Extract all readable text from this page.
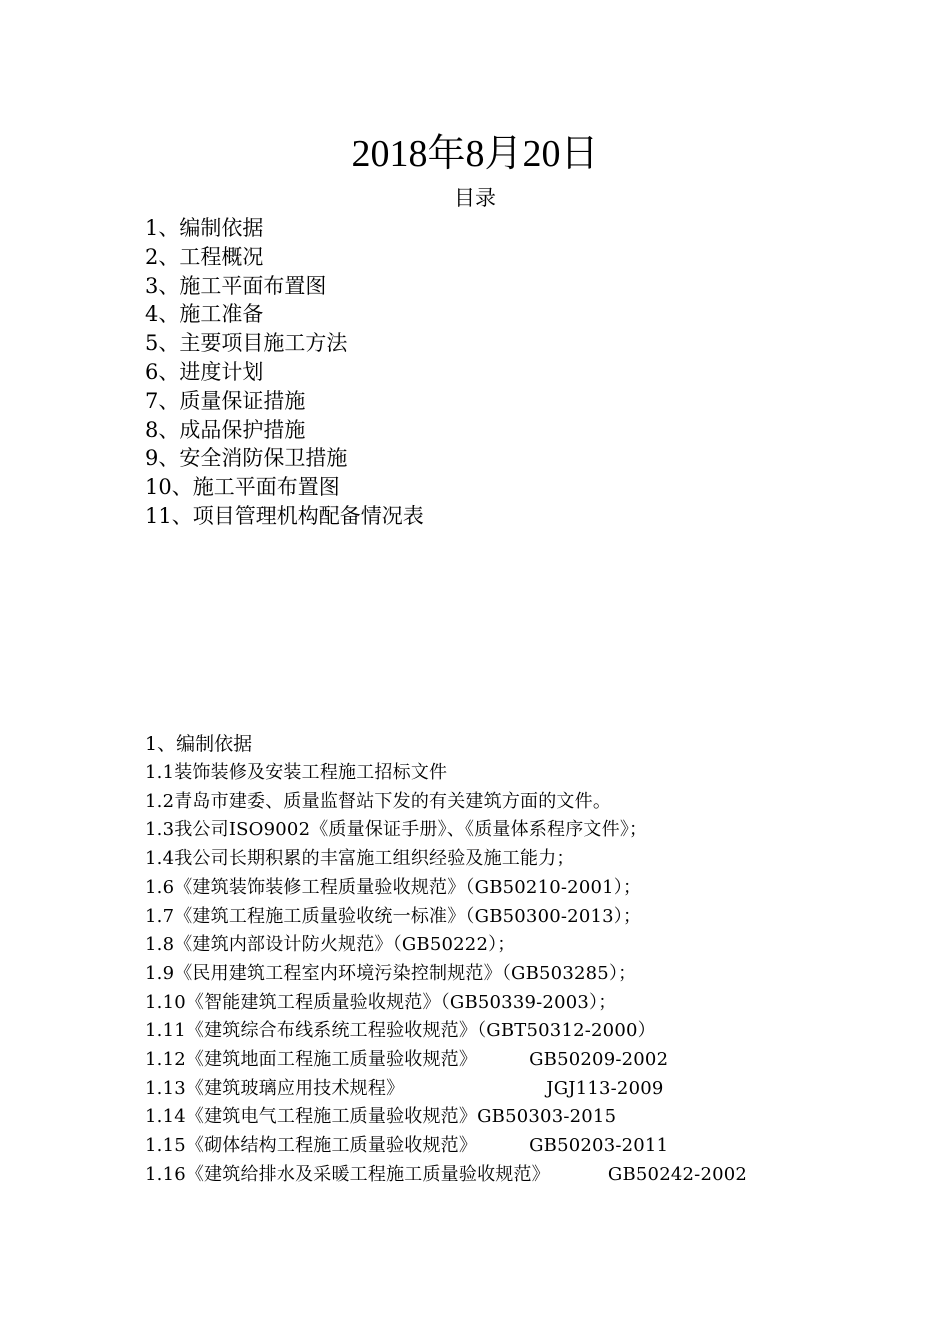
2018年8月20日
目录
1、编制依据
2、工程概况
3、施工平面布置图
4、施工准备
5、主要项目施工方法
6、进度计划
7、质量保证措施
8、成品保护措施
9、安全消防保卫措施
10、施工平面布置图
11、项目管理机构配备情况表
1、编制依据
1.1装饰装修及安装工程施工招标文件
1.2青岛市建委、质量监督站下发的有关建筑方面的文件。
1.3我公司ISO9002《质量保证手册》、《质量体系程序文件》；
1.4我公司长期积累的丰富施工组织经验及施工能力；
1.6《建筑装饰装修工程质量验收规范》（GB50210-2001）；
1.7《建筑工程施工质量验收统一标准》（GB50300-2013）；
1.8《建筑内部设计防火规范》（GB50222）；
1.9《民用建筑工程室内环境污染控制规范》（GB503285）；
1.10《智能建筑工程质量验收规范》（GB50339-2003）；
1.11《建筑综合布线系统工程验收规范》（GBT50312-2000）
1.12《建筑地面工程施工质量验收规范》	GB50209-2002
1.13《建筑玻璃应用技术规程》	JGJ113-2009
1.14《建筑电气工程施工质量验收规范》GB50303-2015
1.15《砌体结构工程施工质量验收规范》	GB50203-2011
1.16《建筑给排水及采暖工程施工质量验收规范》	GB50242-2002
